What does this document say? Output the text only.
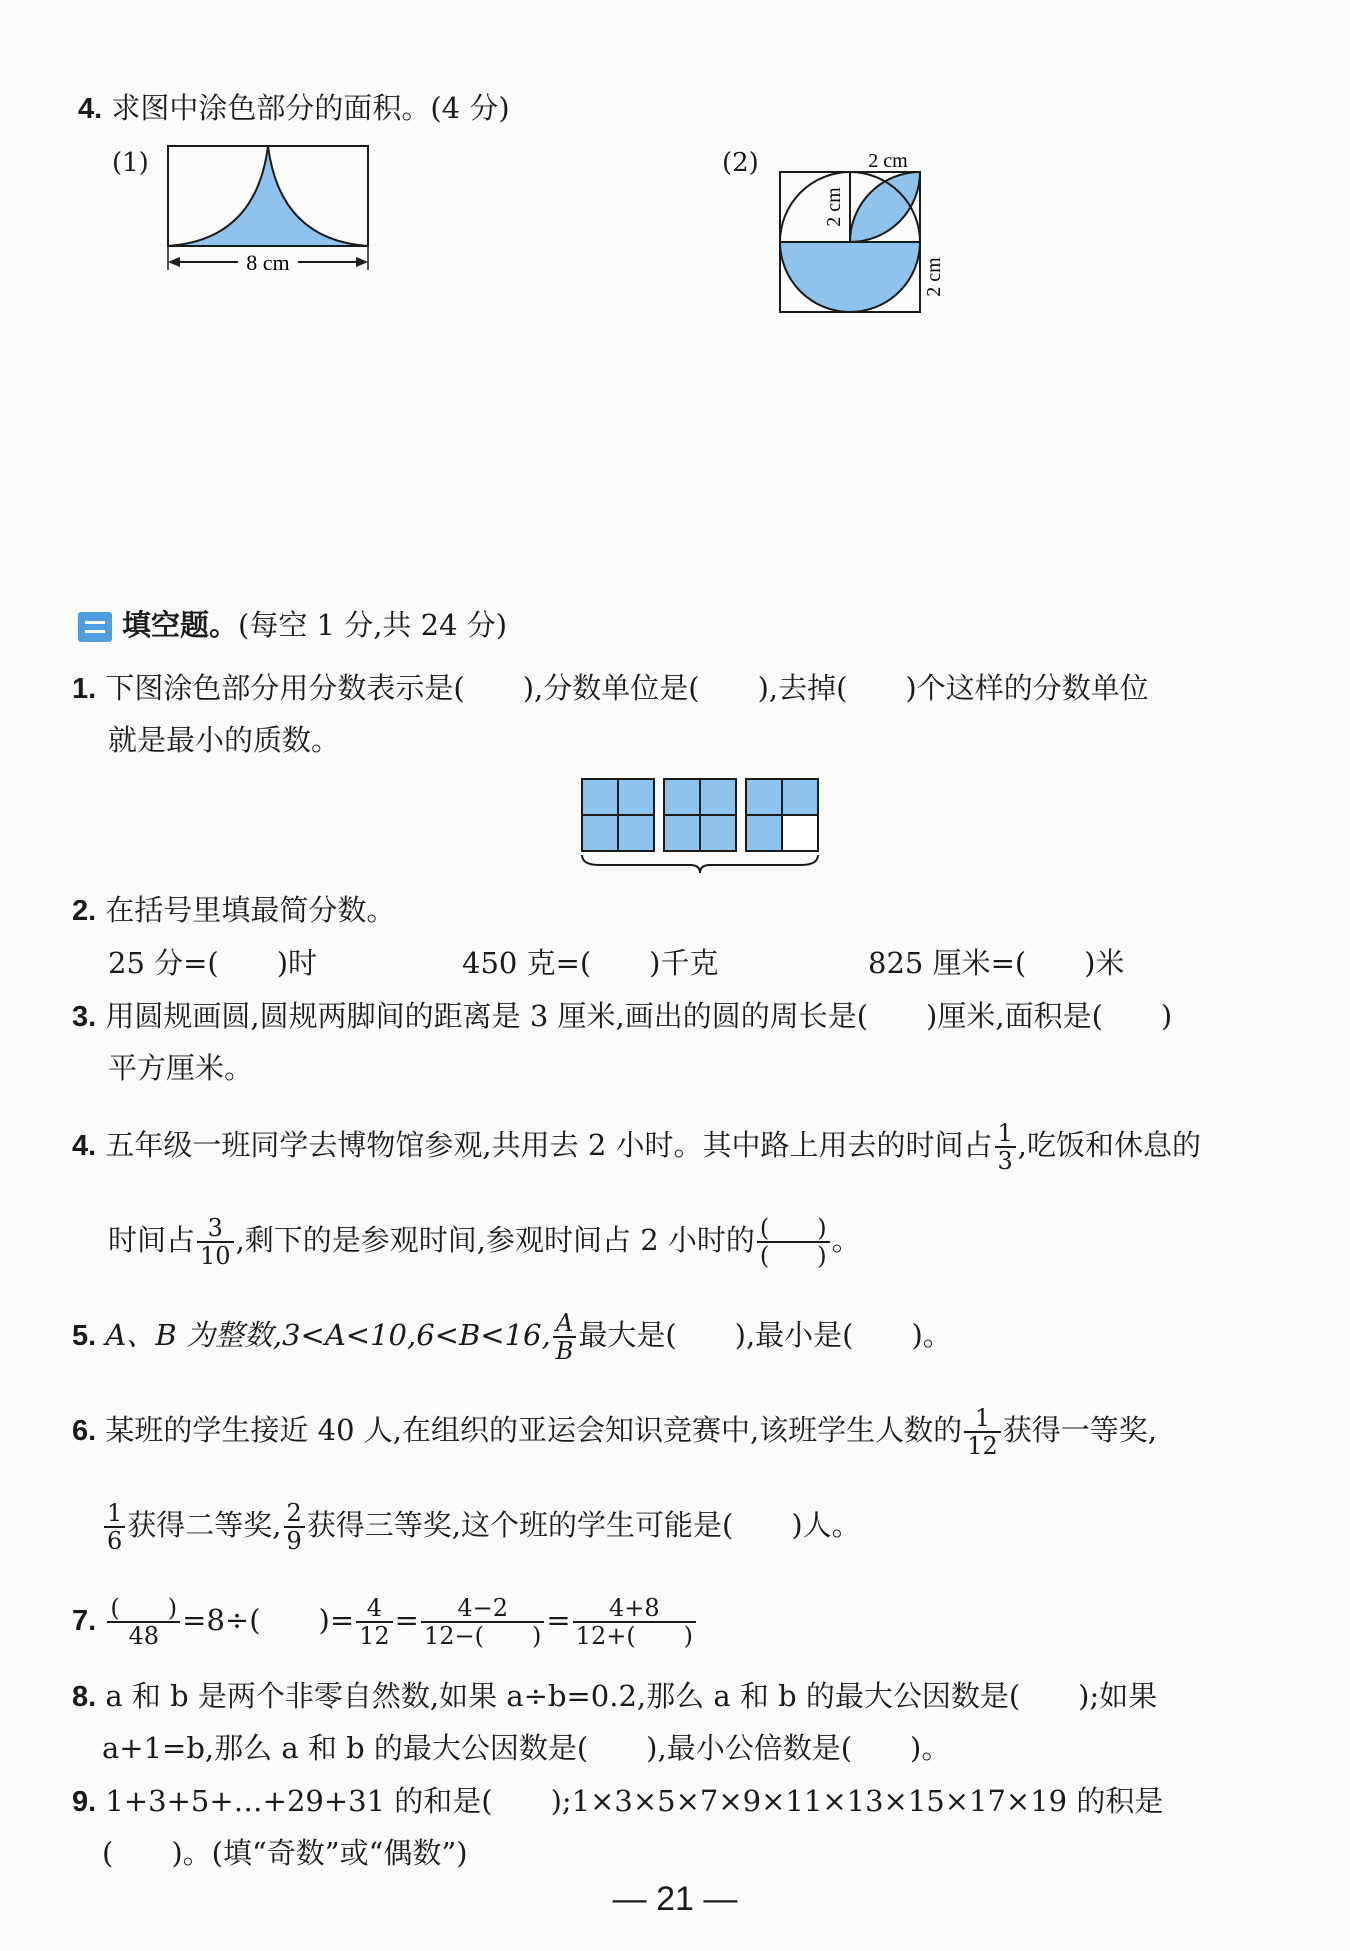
4. 求图中涂色部分的面积。(4 分)
(1)
8 cm
(2)	2 cm
2 cm
2 cm
填空题。(每空 1 分,共 24 分)
1. 下图涂色部分用分数表示是(　　),分数单位是(　　),去掉(　　)个这样的分数单位
就是最小的质数。
2. 在括号里填最简分数。
25 分=(　　)时	450 克=(　　)千克	825 厘米=(　　)米
3. 用圆规画圆,圆规两脚间的距离是 3 厘米,画出的圆的周长是(　　)厘米,面积是(　　)
平方厘米。
4. 五年级一班同学去博物馆参观,共用去 2 小时。其中路上用去的时间占 $\frac{1}{3}$ ,吃饭和休息的
时间占 $\frac{3}{10}$ ,剩下的是参观时间,参观时间占 2 小时的 $\frac{( )}{( )}$ 。
5. A、B 为整数,3<A<10,6<B<16, $\frac{A}{B}$ 最大是(　　),最小是(　　)。
6. 某班的学生接近 40 人,在组织的亚运会知识竞赛中,该班学生人数的 $\frac{1}{12}$ 获得一等奖,
$\frac{1}{6}$ 获得二等奖, $\frac{2}{9}$ 获得三等奖,这个班的学生可能是(　　)人。
7. $\frac{( )}{48} =8\div$(　　)= $\frac{4}{12} = \frac{4-2}{12-( )} = \frac{4+8}{12+( )}$
8. a 和 b 是两个非零自然数,如果 a÷b=0.2,那么 a 和 b 的最大公因数是(　　);如果
a+1=b,那么 a 和 b 的最大公因数是(　　),最小公倍数是(　　)。
9. 1+3+5+…+29+31 的和是(　　);1×3×5×7×9×11×13×15×17×19 的积是
(　　)。(填“奇数”或“偶数”)
— 21 —
